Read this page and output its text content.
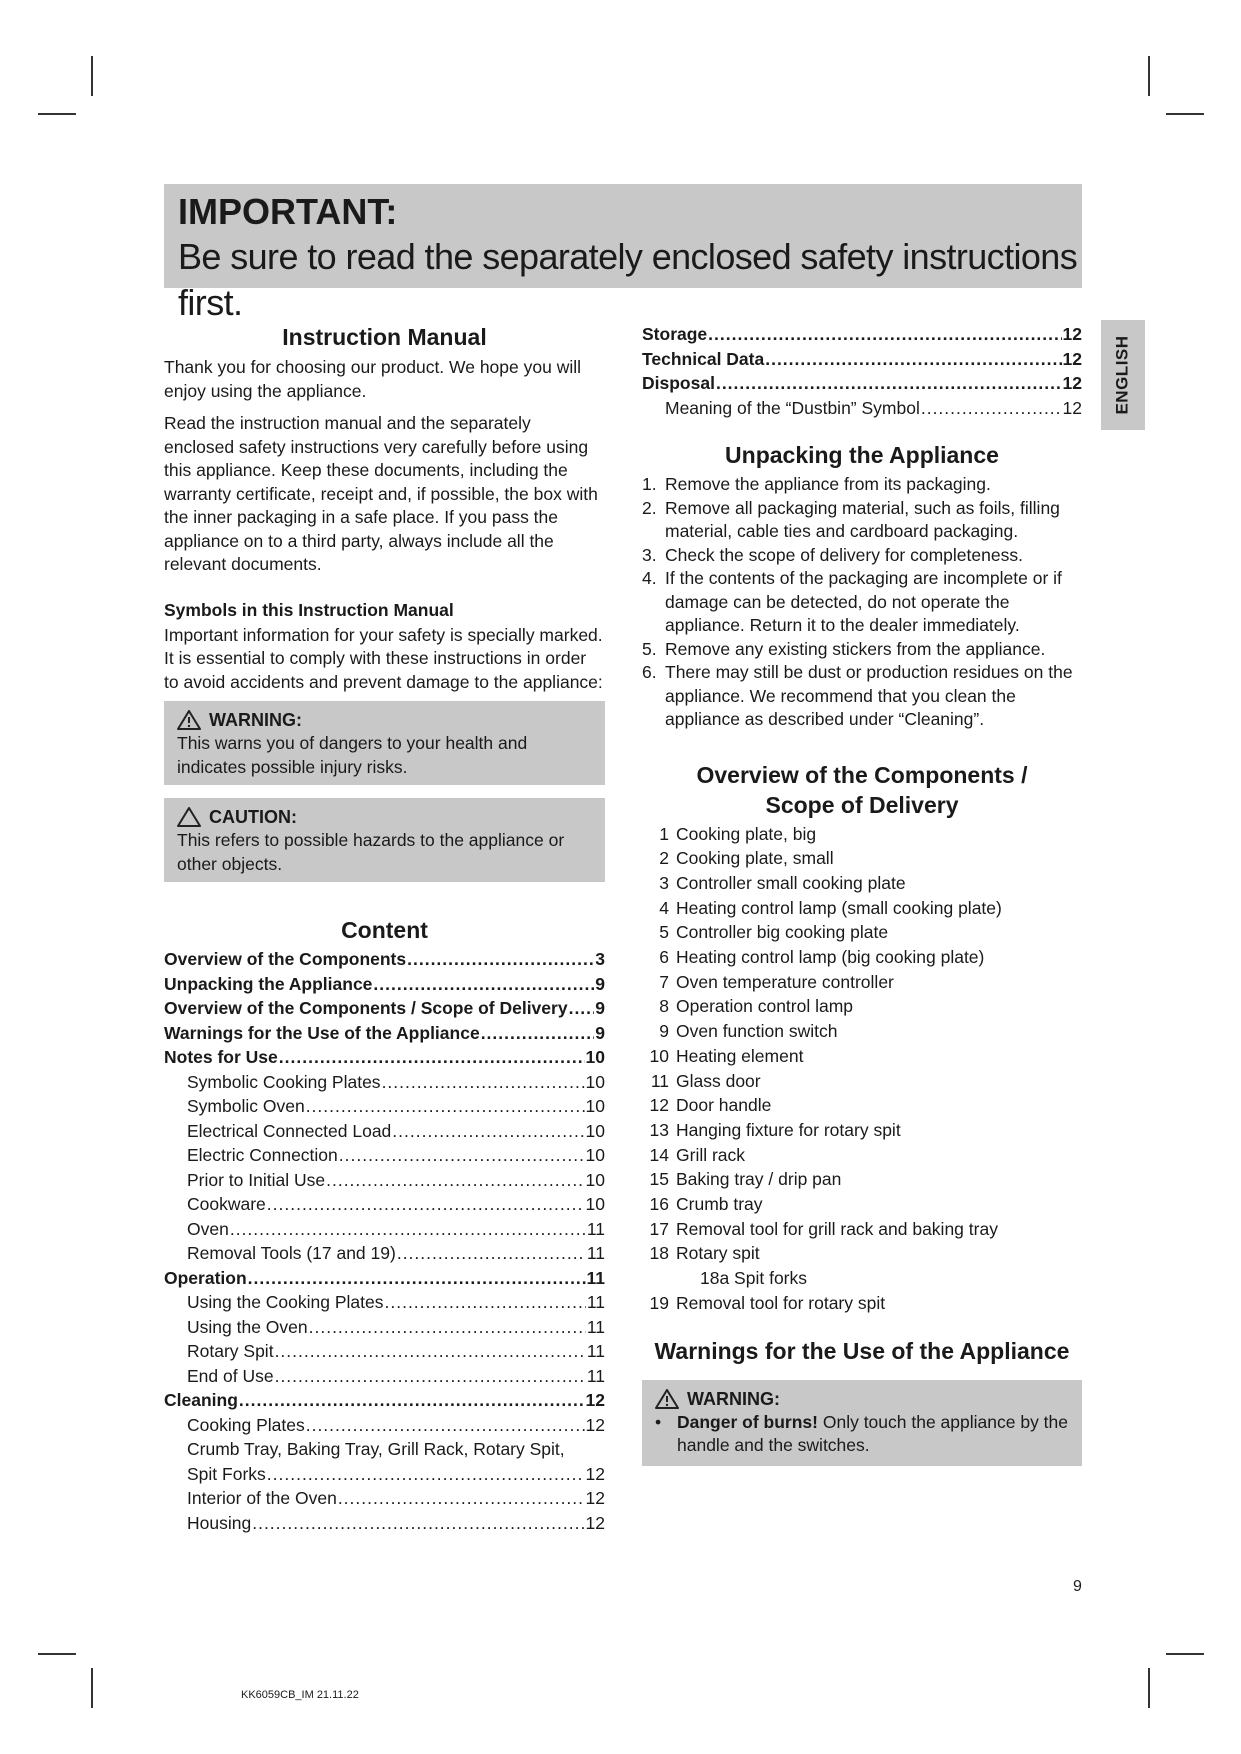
IMPORTANT:
Be sure to read the separately enclosed safety instructions first.
ENGLISH
Instruction Manual

Thank you for choosing our product. We hope you will enjoy using the appliance.

Read the instruction manual and the separately enclosed safety instructions very carefully before using this appliance. Keep these documents, including the warranty certificate, receipt and, if possible, the box with the inner packaging in a safe place. If you pass the appliance on to a third party, always include all the relevant documents.

Symbols in this Instruction Manual

Important information for your safety is specially marked. It is essential to comply with these instructions in order to avoid accidents and prevent damage to the appliance:

WARNING:

This warns you of dangers to your health and indicates possible injury risks.

CAUTION:

This refers to possible hazards to the appliance or other objects.

Content
Overview of the Components .....	3
Unpacking the Appliance .....	9
Overview of the Components / Scope of Delivery ..... 9
Warnings for the Use of the Appliance .....	9
Notes for Use .....	10
Symbolic Cooking Plates .....	10
Symbolic Oven .....	10
Electrical Connected Load .....	10
Electric Connection .....	10
Prior to Initial Use .....	10
Cookware .....	10
Oven .....	11
Removal Tools (17 and 19) .....	11
Operation .....	11
Using the Cooking Plates .....	11
Using the Oven .....	11
Rotary Spit .....	11
End of Use .....	11
Cleaning .....	12
Cooking Plates .....	12
Crumb Tray, Baking Tray, Grill Rack, Rotary Spit,
Spit Forks .....	12
Interior of the Oven .....	12
Housing .....	12
Storage .....	12
Technical Data .....	12
Disposal .....	12
Meaning of the “Dustbin” Symbol .....	12
Unpacking the Appliance
1. Remove the appliance from its packaging.
2. Remove all packaging material, such as foils, filling material, cable ties and cardboard packaging.
3. Check the scope of delivery for completeness.
4. If the contents of the packaging are incomplete or if damage can be detected, do not operate the appliance. Return it to the dealer immediately.
5. Remove any existing stickers from the appliance.
6. There may still be dust or production residues on the appliance. We recommend that you clean the appliance as described under “Cleaning”.
Overview of the Components /
Scope of Delivery
1 Cooking plate, big
2 Cooking plate, small
3 Controller small cooking plate
4 Heating control lamp (small cooking plate)
5 Controller big cooking plate
6 Heating control lamp (big cooking plate)
7 Oven temperature controller
8 Operation control lamp
9 Oven function switch
10 Heating element
11 Glass door
12 Door handle
13 Hanging fixture for rotary spit
14 Grill rack
15 Baking tray / drip pan
16 Crumb tray
17 Removal tool for grill rack and baking tray
18 Rotary spit
18a Spit forks
19 Removal tool for rotary spit
Warnings for the Use of the Appliance
WARNING:
• Danger of burns! Only touch the appliance by the handle and the switches.
9
KK6059CB_IM 21.11.22
